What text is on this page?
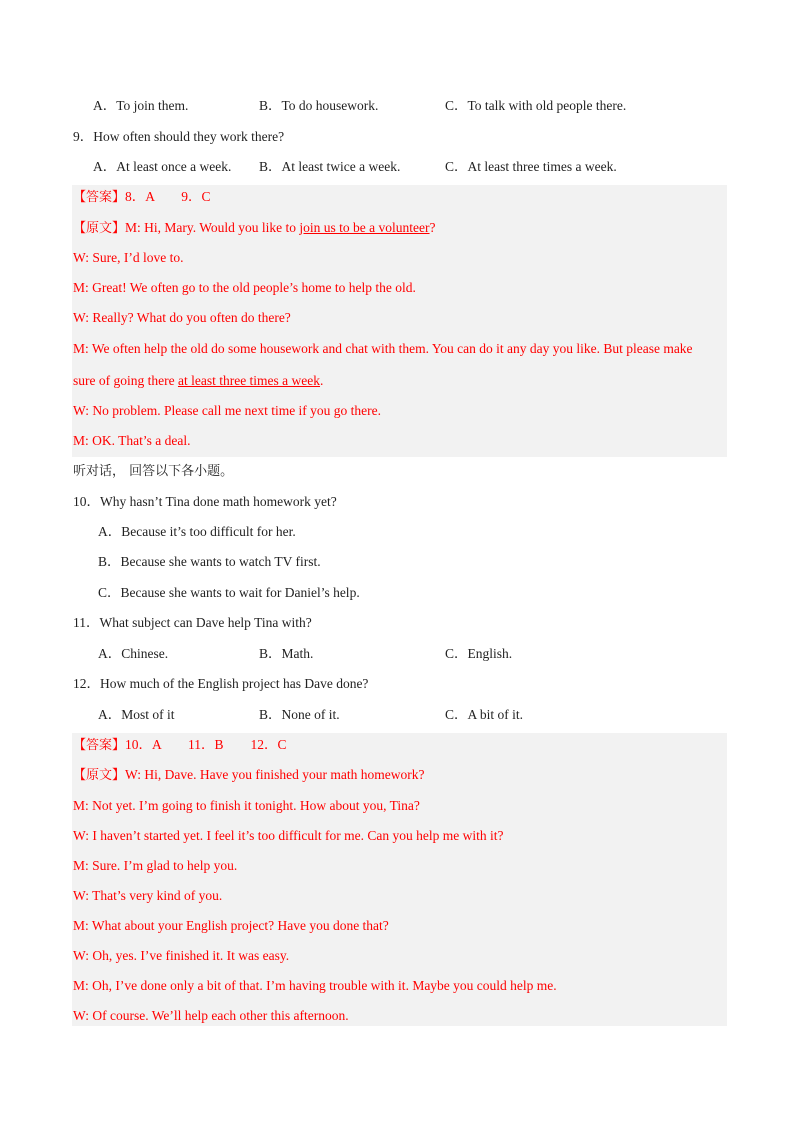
A．To join them.	B．To do housework.	C．To talk with old people there.
9．How often should they work there?
A．At least once a week. B．At least twice a week.	C．At least three times a week.
【答案】8．A　　9．C
【原文】M: Hi, Mary. Would you like to join us to be a volunteer?
W: Sure, I’d love to.
M: Great! We often go to the old people’s home to help the old.
W: Really? What do you often do there?
M: We often help the old do some housework and chat with them. You can do it any day you like. But please make
sure of going there at least three times a week.
W: No problem. Please call me next time if you go there.
M: OK. That’s a deal.
听对话， 回答以下各小题。
10．Why hasn’t Tina done math homework yet?
A．Because it’s too difficult for her.
B．Because she wants to watch TV first.
C．Because she wants to wait for Daniel’s help.
11．What subject can Dave help Tina with?
A．Chinese.	B．Math.	C．English.
12．How much of the English project has Dave done?
A．Most of it	B．None of it.	C．A bit of it.
【答案】10．A　　11．B　　12．C
【原文】W: Hi, Dave. Have you finished your math homework?
M: Not yet. I’m going to finish it tonight. How about you, Tina?
W: I haven’t started yet. I feel it’s too difficult for me. Can you help me with it?
M: Sure. I’m glad to help you.
W: That’s very kind of you.
M: What about your English project? Have you done that?
W: Oh, yes. I’ve finished it. It was easy.
M: Oh, I’ve done only a bit of that. I’m having trouble with it. Maybe you could help me.
W: Of course. We’ll help each other this afternoon.
